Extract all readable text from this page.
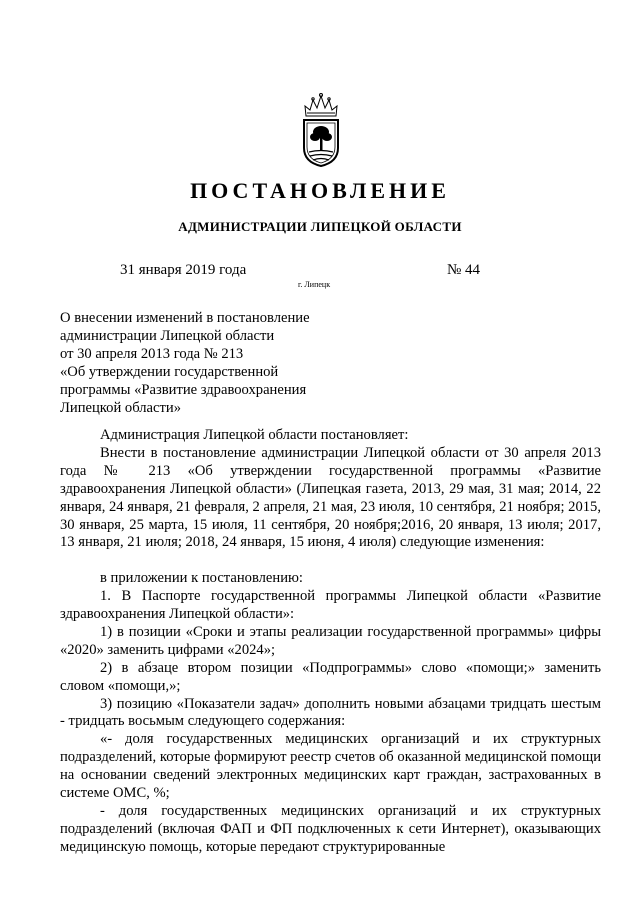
ПОСТАНОВЛЕНИЕ
АДМИНИСТРАЦИИ ЛИПЕЦКОЙ ОБЛАСТИ
31 января 2019 года	№ 44
г. Липецк
О внесении изменений в постановление
администрации Липецкой области
от 30 апреля 2013 года № 213
«Об утверждении государственной
программы «Развитие здравоохранения
Липецкой области»

Администрация Липецкой области постановляет:

Внести в постановление администрации Липецкой области от 30 апреля 2013 года № 213 «Об утверждении государственной программы «Развитие здравоохранения Липецкой области» (Липецкая газета, 2013, 29 мая, 31 мая; 2014, 22 января, 24 января, 21 февраля, 2 апреля, 21 мая, 23 июля, 10 сентября, 21 ноября; 2015, 30 января, 25 марта, 15 июля, 11 сентября, 20 ноября;2016, 20 января, 13 июля; 2017, 13 января, 21 июля; 2018, 24 января, 15 июня, 4 июля) следующие изменения:

в приложении к постановлению:

1. В Паспорте государственной программы Липецкой области «Развитие здравоохранения Липецкой области»:

1) в позиции «Сроки и этапы реализации государственной программы» цифры «2020» заменить цифрами «2024»;

2) в абзаце втором позиции «Подпрограммы» слово «помощи;» заменить словом «помощи,»;

3) позицию «Показатели задач» дополнить новыми абзацами тридцать шестым - тридцать восьмым следующего содержания:

«- доля государственных медицинских организаций и их структурных подразделений, которые формируют реестр счетов об оказанной медицинской помощи на основании сведений электронных медицинских карт граждан, застрахованных в системе ОМС, %;

- доля государственных медицинских организаций и их структурных подразделений (включая ФАП и ФП подключенных к сети Интернет), оказывающих медицинскую помощь, которые передают структурированные
